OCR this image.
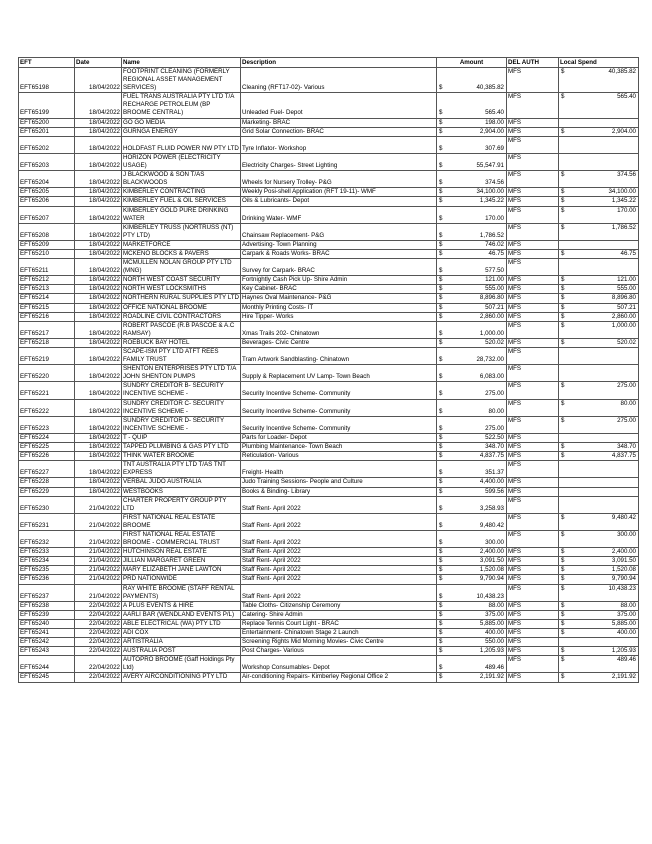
EFT	Date	Name	Description	Amount		DEL AUTH	Local Spend
EFT65198	18/04/2022	FOOTPRINT CLEANING (FORMERLY REGIONAL ASSET MANAGEMENT SERVICES)	Cleaning (RFT17-02)- Various	$	40,385.82	MFS	$ 40,385.82

EFT65199	18/04/2022	FUEL TRANS AUSTRALIA PTY LTD T/A RECHARGE PETROLEUM (BP BROOME CENTRAL)	Unleaded Fuel- Depot	$	565.40	MFS	$ 565.40

EFT65200	18/04/2022	GO GO MEDIA	Marketing- BRAC	$	198.00	MFS	

EFT65201	18/04/2022	GURNGA ENERGY	Grid Solar Connection- BRAC	$	2,904.00	MFS	$ 2,904.00

EFT65202	18/04/2022	HOLDFAST FLUID POWER NW PTY LTD	Tyre Inflator- Workshop	$	307.69	MFS	

EFT65203	18/04/2022	HORIZON POWER (ELECTRICITY USAGE)	Electricity Charges- Street Lighting	$	55,547.91	MFS	

EFT65204	18/04/2022	J BLACKWOOD & SON T/AS BLACKWOODS	Wheels for Nursery Trolley- P&G	$	374.56	MFS	$ 374.56

EFT65205	18/04/2022	KIMBERLEY CONTRACTING	Weekly Posi-shell Application (RFT 19-11)- WMF	$	34,100.00	MFS	$ 34,100.00

EFT65206	18/04/2022	KIMBERLEY FUEL & OIL SERVICES	Oils & Lubricants- Depot	$	1,345.22	MFS	$ 1,345.22

EFT65207	18/04/2022	KIMBERLEY GOLD PURE DRINKING WATER	Drinking Water- WMF	$	170.00	MFS	$ 170.00

EFT65208	18/04/2022	KIMBERLEY TRUSS (NORTRUSS (NT) PTY LTD)	Chainsaw Replacement- P&G	$	1,786.52	MFS	$ 1,786.52

EFT65209	18/04/2022	MARKETFORCE	Advertising- Town Planning	$	746.02	MFS	

EFT65210	18/04/2022	MCKENO BLOCKS & PAVERS	Carpark & Roads Works- BRAC	$	46.75	MFS	$ 46.75

EFT65211	18/04/2022	MCMULLEN NOLAN GROUP PTY LTD (MNG)	Survey for Carpark- BRAC	$	577.50	MFS	

EFT65212	18/04/2022	NORTH WEST COAST SECURITY	Fortnightly Cash Pick Up- Shire Admin	$	121.00	MFS	$ 121.00

EFT65213	18/04/2022	NORTH WEST LOCKSMITHS	Key Cabinet- BRAC	$	555.00	MFS	$ 555.00

EFT65214	18/04/2022	NORTHERN RURAL SUPPLIES PTY LTD	Haynes Oval Maintenance- P&G	$	8,896.80	MFS	$ 8,896.80

EFT65215	18/04/2022	OFFICE NATIONAL BROOME	Monthly Printing Costs- IT	$	507.21	MFS	$ 507.21

EFT65216	18/04/2022	ROADLINE CIVIL CONTRACTORS	Hire Tipper- Works	$	2,860.00	MFS	$ 2,860.00

EFT65217	18/04/2022	ROBERT PASCOE (R.B PASCOE & A.C RAMSAY)	Xmas Trails 202- Chinatown	$	1,000.00	MFS	$ 1,000.00

EFT65218	18/04/2022	ROEBUCK BAY HOTEL	Beverages- Civic Centre	$	520.02	MFS	$ 520.02

EFT65219	18/04/2022	SCAPE-ISM PTY LTD ATFT REES FAMILY TRUST	Tram Artwork Sandblasting- Chinatown	$	28,732.00	MFS	

EFT65220	18/04/2022	SHENTON ENTERPRISES PTY LTD T/A JOHN SHENTON PUMPS	Supply & Replacement UV Lamp- Town Beach	$	6,083.00	MFS	

EFT65221	18/04/2022	SUNDRY CREDITOR B- SECURITY INCENTIVE SCHEME -	Security Incentive Scheme- Community	$	275.00	MFS	$ 275.00

EFT65222	18/04/2022	SUNDRY CREDITOR C- SECURITY INCENTIVE SCHEME -	Security Incentive Scheme- Community	$	80.00	MFS	$ 80.00

EFT65223	18/04/2022	SUNDRY CREDITOR D- SECURITY INCENTIVE SCHEME -	Security Incentive Scheme- Community	$	275.00	MFS	$ 275.00

EFT65224	18/04/2022	T - QUIP	Parts for Loader- Depot	$	522.50	MFS	

EFT65225	18/04/2022	TAPPED PLUMBING & GAS PTY LTD	Plumbing Maintenance- Town Beach	$	348.70	MFS	$ 348.70

EFT65226	18/04/2022	THINK WATER BROOME	Reticulation- Various	$	4,837.75	MFS	$ 4,837.75

EFT65227	18/04/2022	TNT AUSTRALIA PTY LTD T/AS TNT EXPRESS	Freight- Health	$	351.37	MFS	

EFT65228	18/04/2022	VERBAL JUDO AUSTRALIA	Judo Training Sessions- People and Culture	$	4,400.00	MFS	

EFT65229	18/04/2022	WESTBOOKS	Books & Binding- Library	$	599.56	MFS	

EFT65230	21/04/2022	CHARTER PROPERTY GROUP PTY LTD	Staff Rent- April 2022	$	3,258.93	MFS	

EFT65231	21/04/2022	FIRST NATIONAL REAL ESTATE BROOME	Staff Rent- April 2022	$	9,480.42	MFS	$ 9,480.42

EFT65232	21/04/2022	FIRST NATIONAL REAL ESTATE BROOME - COMMERCIAL TRUST	Staff Rent- April 2022	$	300.00	MFS	$ 300.00

EFT65233	21/04/2022	HUTCHINSON REAL ESTATE	Staff Rent- April 2022	$	2,400.00	MFS	$ 2,400.00

EFT65234	21/04/2022	JILLIAN MARGARET GREEN	Staff Rent- April 2022	$	3,091.50	MFS	$ 3,091.50

EFT65235	21/04/2022	MARY ELIZABETH JANE LAWTON	Staff Rent- April 2022	$	1,520.08	MFS	$ 1,520.08

EFT65236	21/04/2022	PRD NATIONWIDE	Staff Rent- April 2022	$	9,790.94	MFS	$ 9,790.94

EFT65237	21/04/2022	RAY WHITE BROOME (STAFF RENTAL PAYMENTS)	Staff Rent- April 2022	$	10,438.23	MFS	$ 10,438.23

EFT65238	22/04/2022	A PLUS EVENTS & HIRE	Table Cloths- Citizenship Ceremony	$	88.00	MFS	$ 88.00

EFT65239	22/04/2022	AARLI BAR (WENDLAND EVENTS P/L)	Catering- Shire Admin	$	375.00	MFS	$ 375.00

EFT65240	22/04/2022	ABLE ELECTRICAL (WA) PTY LTD	Replace Tennis Court Light - BRAC	$	5,885.00	MFS	$ 5,885.00

EFT65241	22/04/2022	ADI COX	Entertainment- Chinatown Stage 2 Launch	$	400.00	MFS	$ 400.00

EFT65242	22/04/2022	ARTISTRALIA	Screening Rights Mid Morning Movies- Civic Centre	$	550.00	MFS	

EFT65243	22/04/2022	AUSTRALIA POST	Post Charges- Various	$	1,205.93	MFS	$ 1,205.93

EFT65244	22/04/2022	AUTOPRO BROOME (Gaff Holdings Pty Ltd)	Workshop Consumables- Depot	$	489.46	MFS	$ 489.46

EFT65245	22/04/2022	AVERY AIRCONDITIONING PTY LTD	Air-conditioning Repairs- Kimberley Regional Office 2	$	2,191.92	MFS	$ 2,191.92
